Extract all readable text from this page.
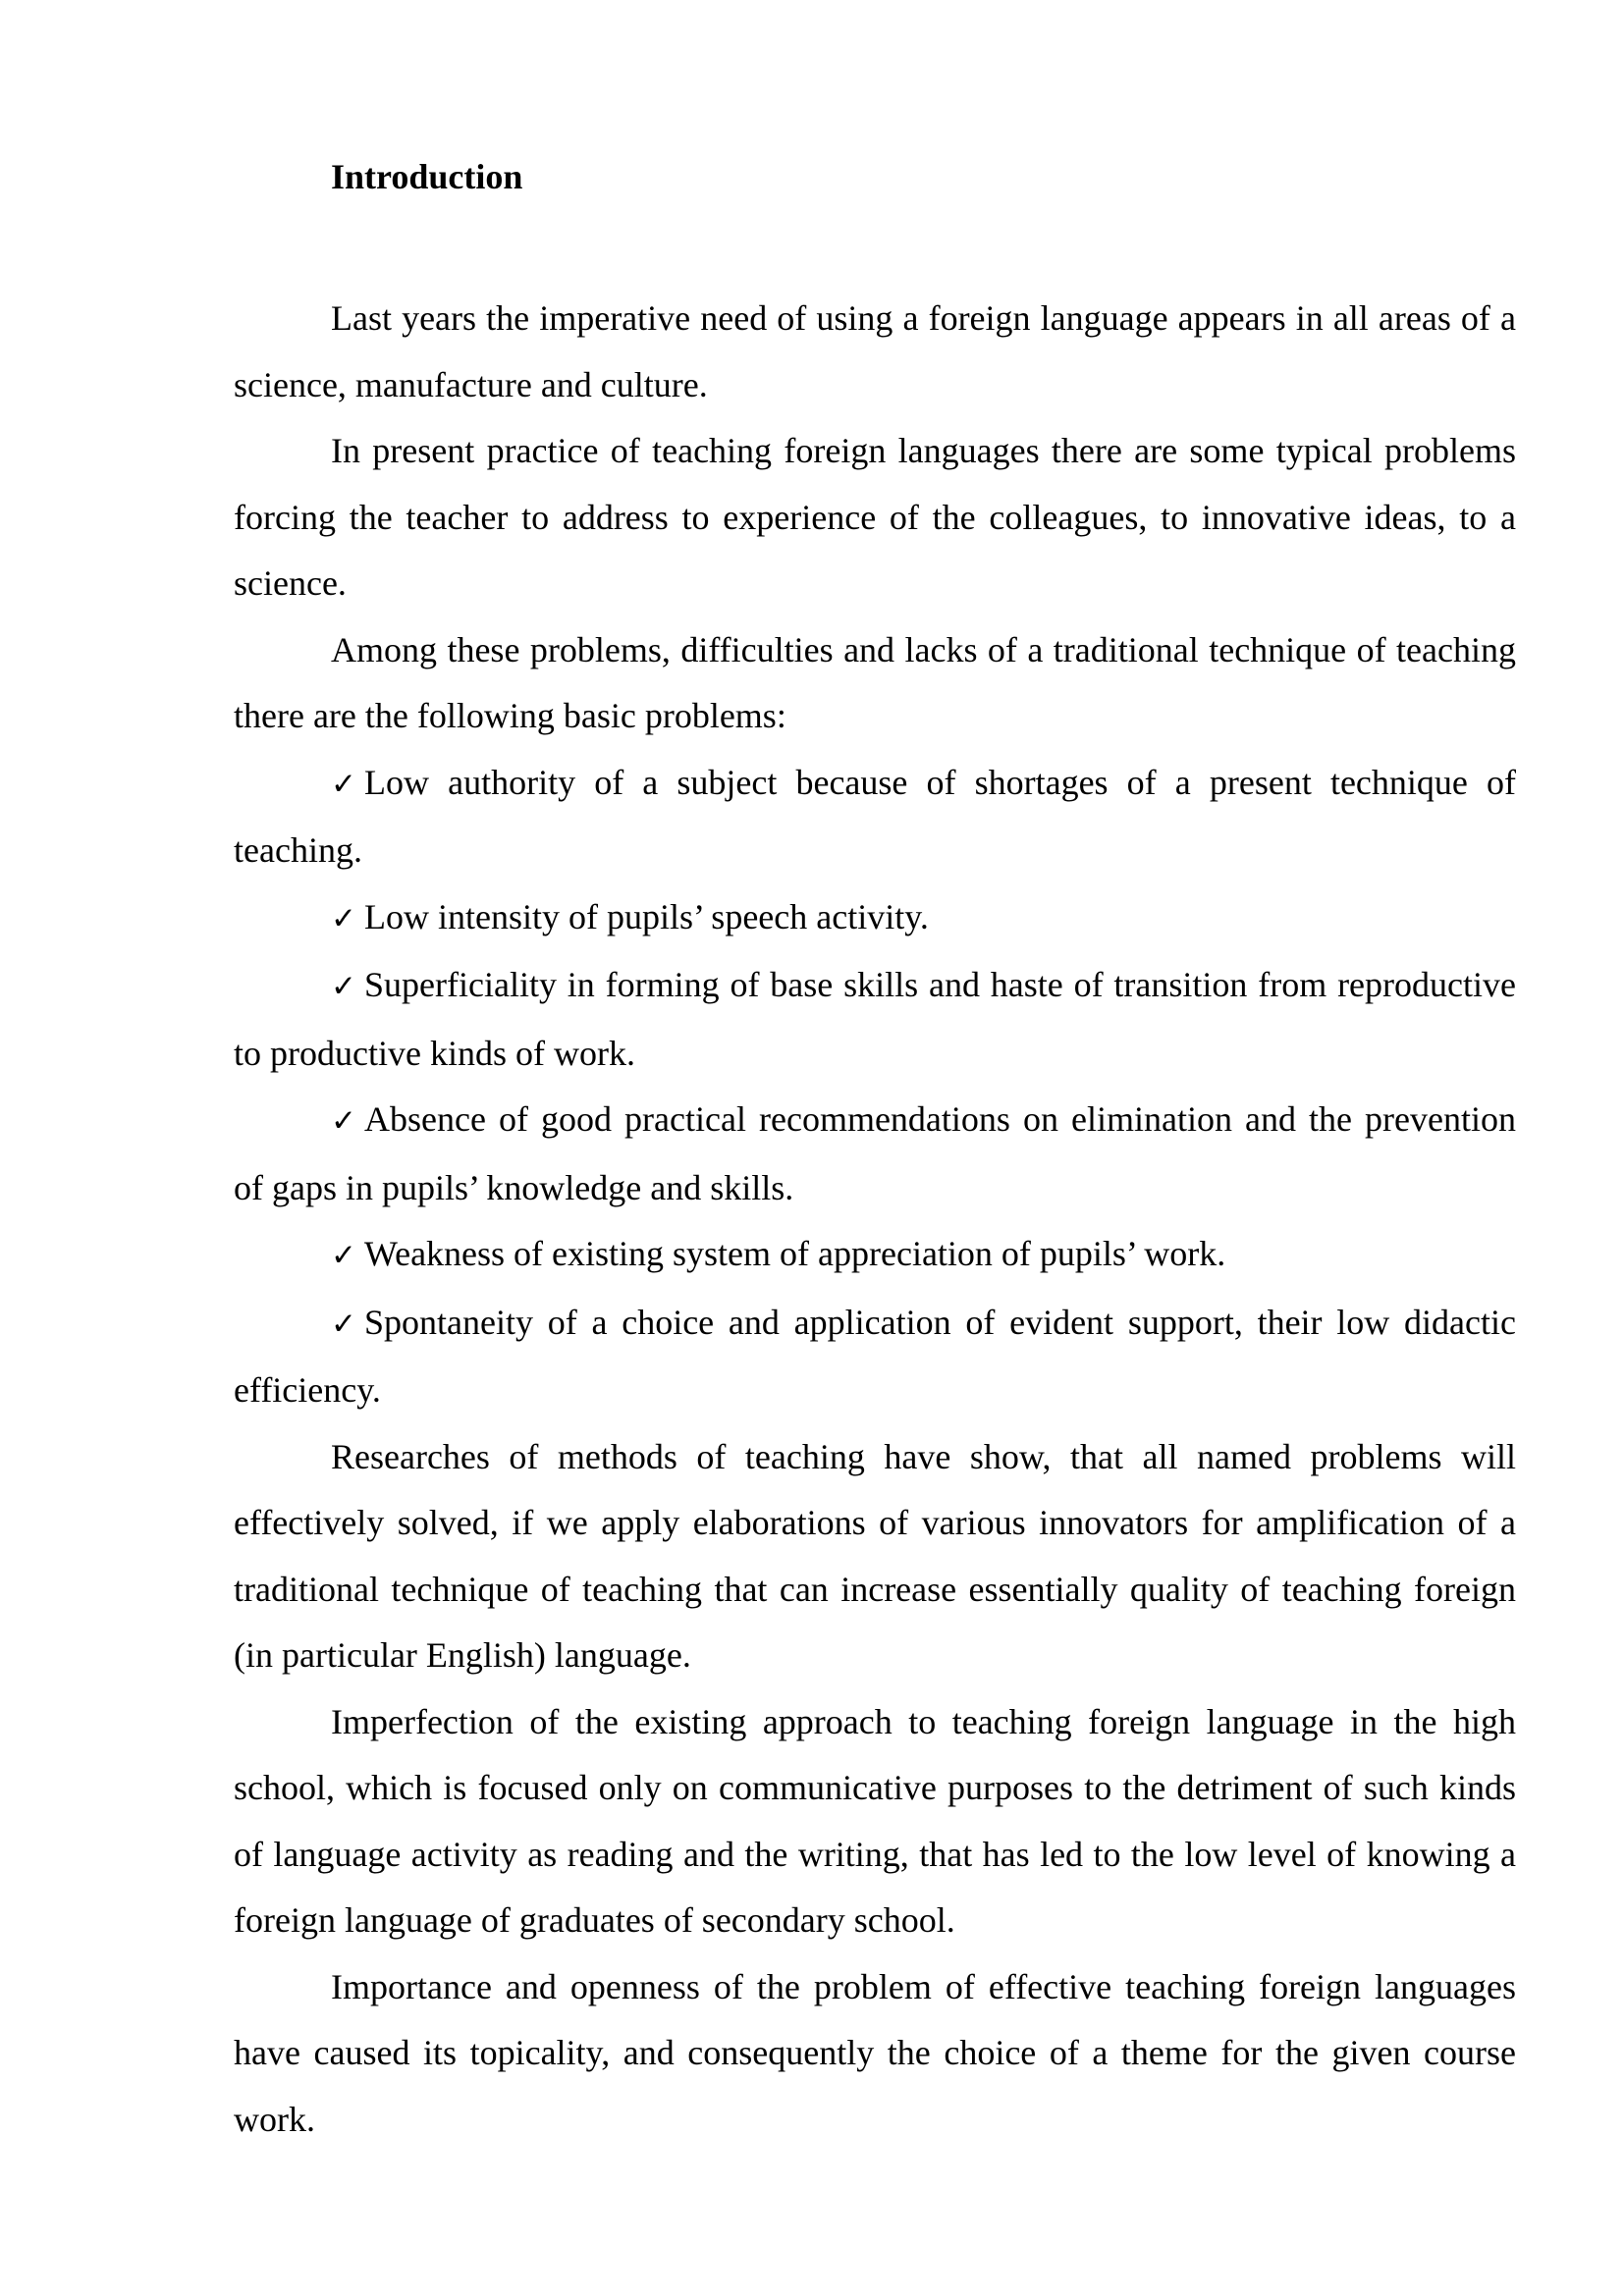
Introduction

Last years the imperative need of using a foreign language appears in all areas of a science, manufacture and culture.

In present practice of teaching foreign languages there are some typical problems forcing the teacher to address to experience of the colleagues, to innovative ideas, to a science.

Among these problems, difficulties and lacks of a traditional technique of teaching there are the following basic problems:

✓ Low authority of a subject because of shortages of a present technique of teaching.

✓ Low intensity of pupils’ speech activity.

✓ Superficiality in forming of base skills and haste of transition from reproductive to productive kinds of work.

✓ Absence of good practical recommendations on elimination and the prevention of gaps in pupils’ knowledge and skills.

✓ Weakness of existing system of appreciation of pupils’ work.

✓ Spontaneity of a choice and application of evident support, their low didactic efficiency.

Researches of methods of teaching have show, that all named problems will effectively solved, if we apply elaborations of various innovators for amplification of a traditional technique of teaching that can increase essentially quality of teaching foreign (in particular English) language.

Imperfection of the existing approach to teaching foreign language in the high school, which is focused only on communicative purposes to the detriment of such kinds of language activity as reading and the writing, that has led to the low level of knowing a foreign language of graduates of secondary school.

Importance and openness of the problem of effective teaching foreign languages have caused its topicality, and consequently the choice of a theme for the given course work.
